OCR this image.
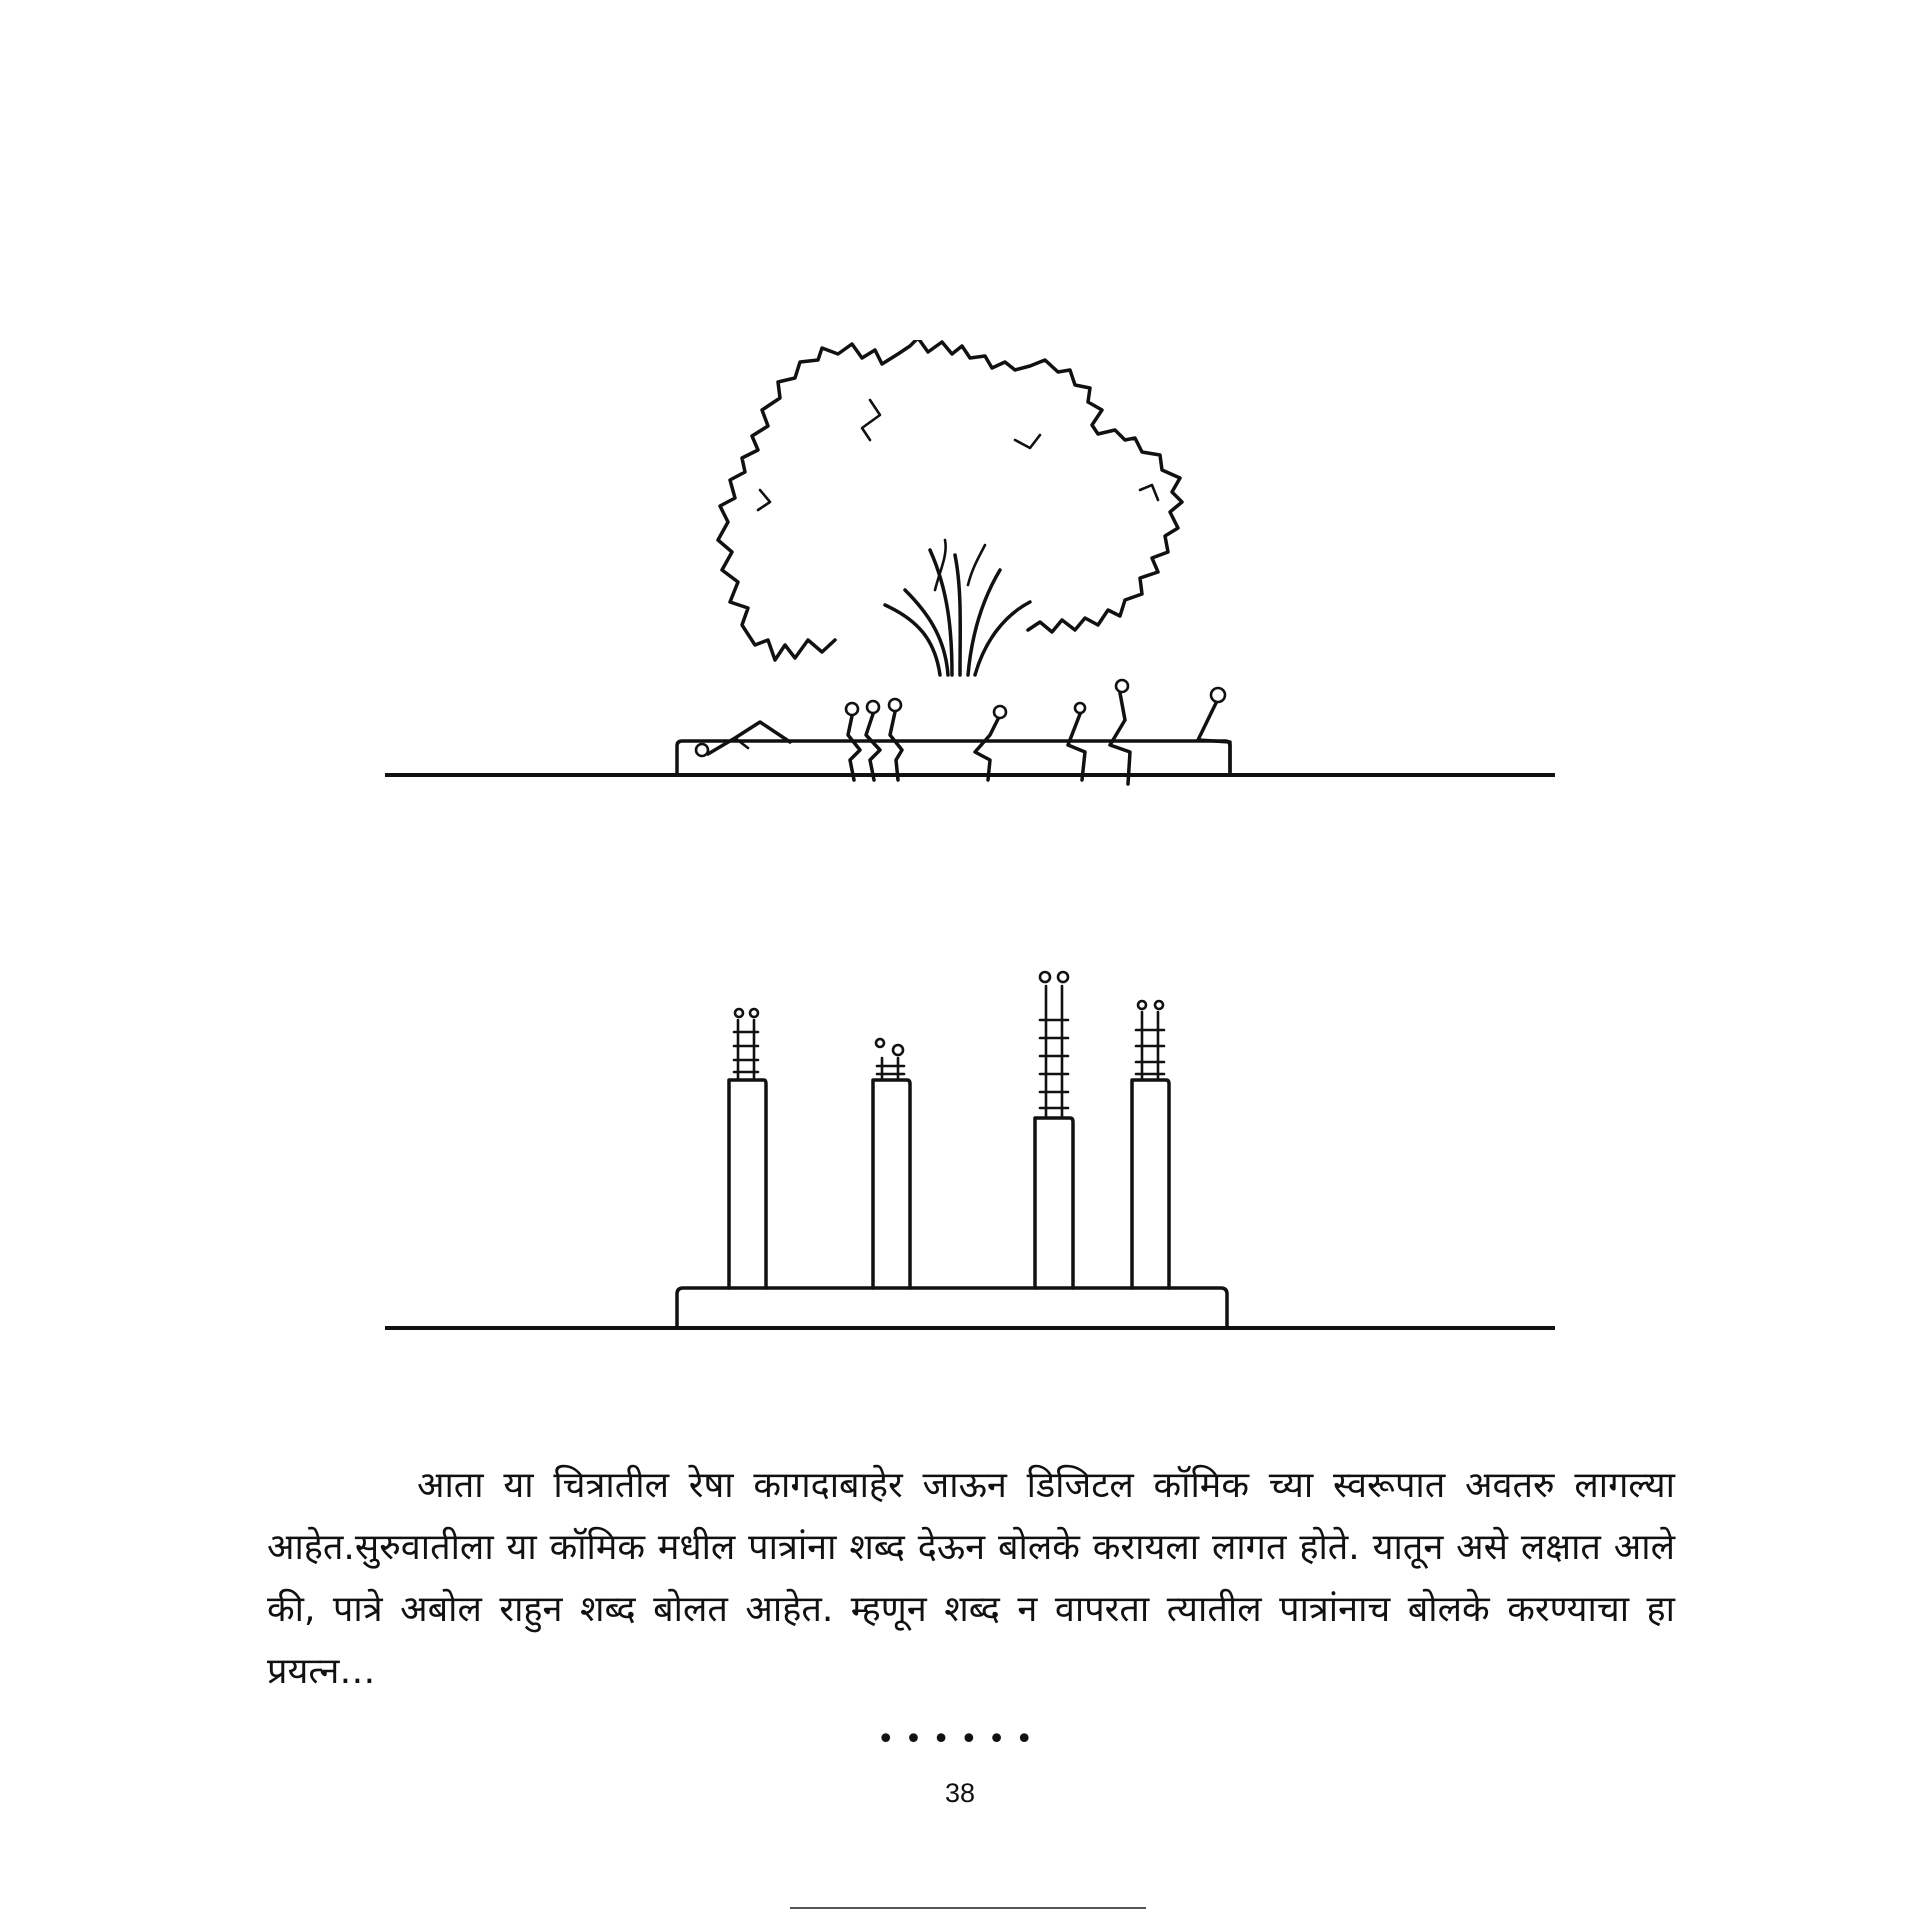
आता या चित्रातील रेषा कागदाबाहेर जाऊन डिजिटल कॉमिक च्या स्वरूपात अवतरु लागल्या आहेत.सुरुवातीला या कॉमिक मधील पात्रांना शब्द देऊन बोलके करायला लागत होते. यातून असे लक्षात आले की, पात्रे अबोल राहुन शब्द बोलत आहेत. म्हणून शब्द न वापरता त्यातील पात्रांनाच बोलके करण्याचा हा प्रयत्न…

••••••
38
